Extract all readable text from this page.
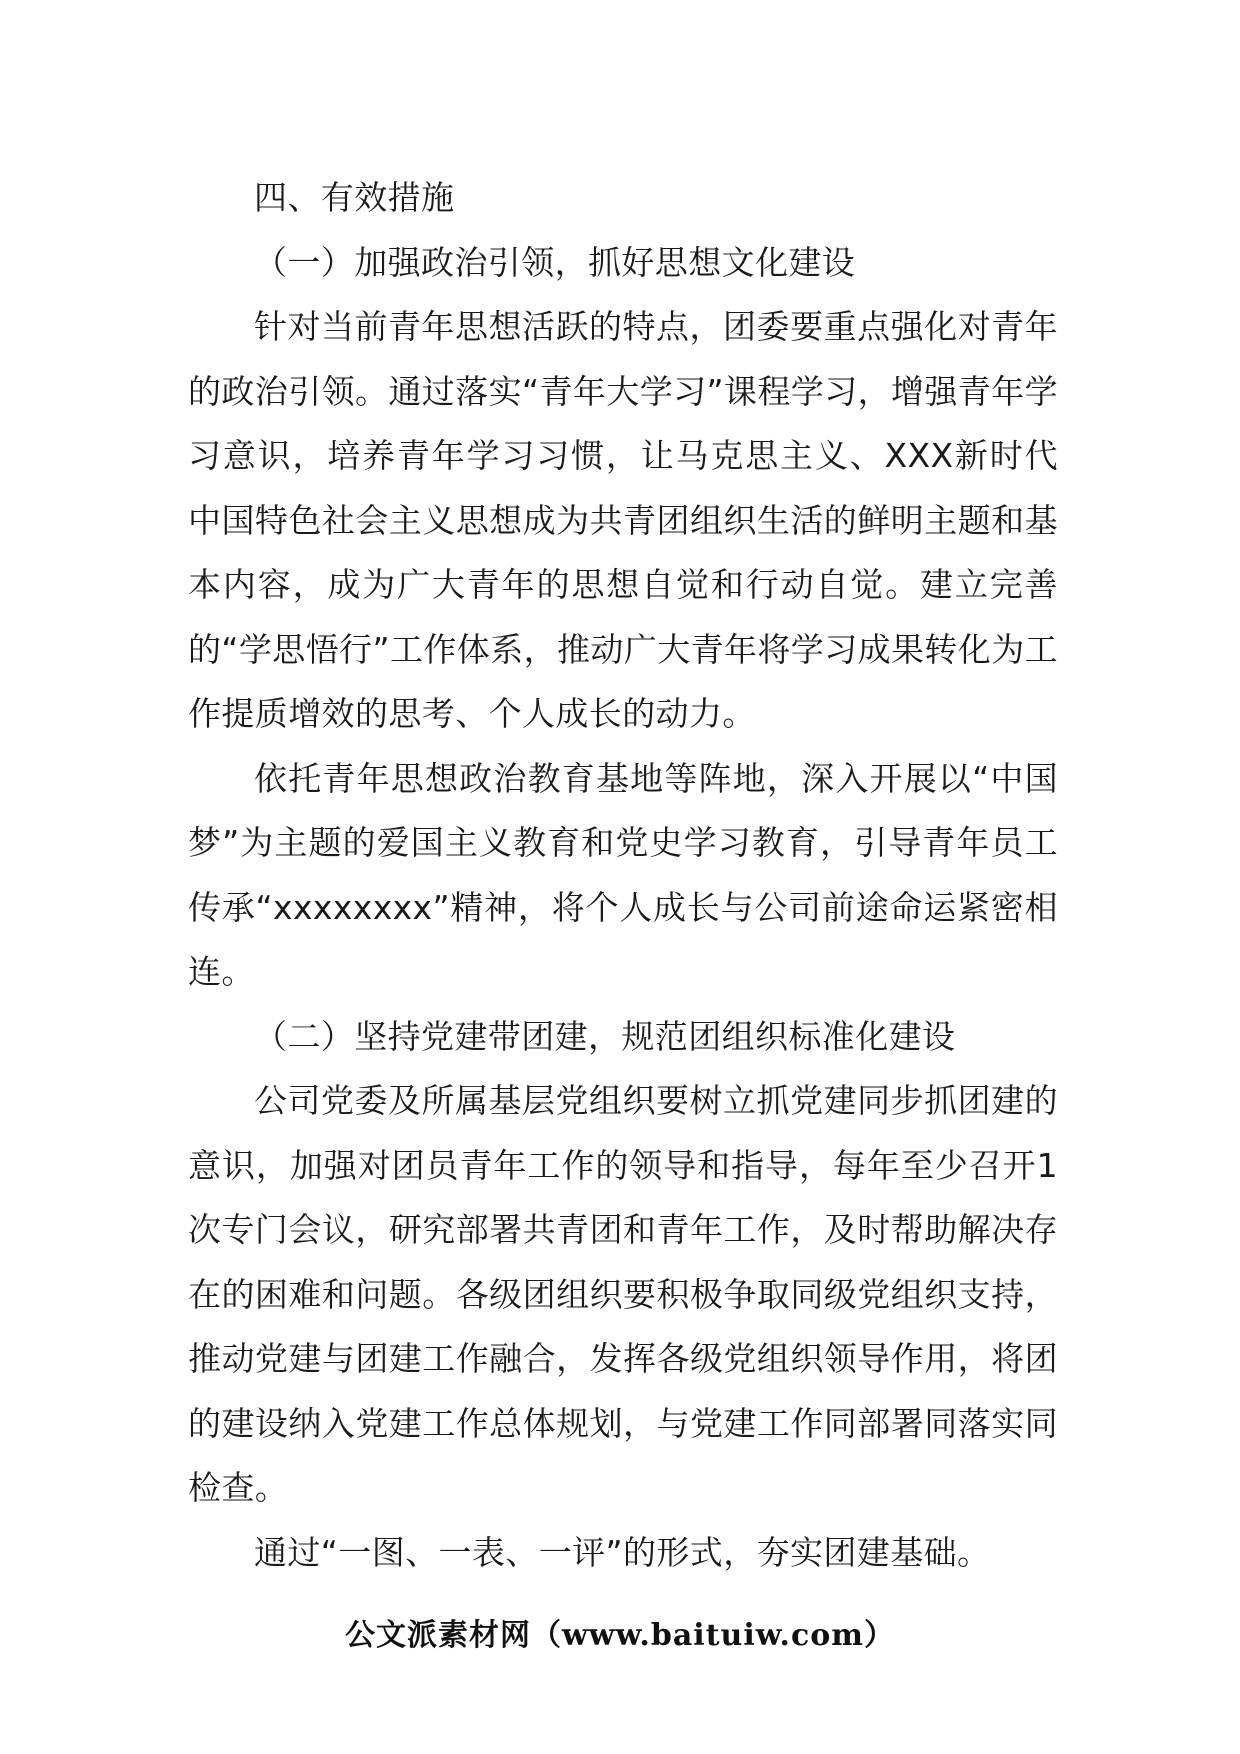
四、有效措施

（一）加强政治引领，抓好思想文化建设

针对当前青年思想活跃的特点，团委要重点强化对青年的政治引领。通过落实“青年大学习”课程学习，增强青年学习意识，培养青年学习习惯，让马克思主义、XXX新时代中国特色社会主义思想成为共青团组织生活的鲜明主题和基本内容，成为广大青年的思想自觉和行动自觉。建立完善的“学思悟行”工作体系，推动广大青年将学习成果转化为工作提质增效的思考、个人成长的动力。

依托青年思想政治教育基地等阵地，深入开展以“中国梦”为主题的爱国主义教育和党史学习教育，引导青年员工传承“xxxxxxxx”精神，将个人成长与公司前途命运紧密相连。

（二）坚持党建带团建，规范团组织标准化建设

公司党委及所属基层党组织要树立抓党建同步抓团建的意识，加强对团员青年工作的领导和指导，每年至少召开1次专门会议，研究部署共青团和青年工作，及时帮助解决存在的困难和问题。各级团组织要积极争取同级党组织支持，推动党建与团建工作融合，发挥各级党组织领导作用，将团的建设纳入党建工作总体规划，与党建工作同部署同落实同检查。

通过“一图、一表、一评”的形式，夯实团建基础。

公文派素材网（www.baituiw.com）
